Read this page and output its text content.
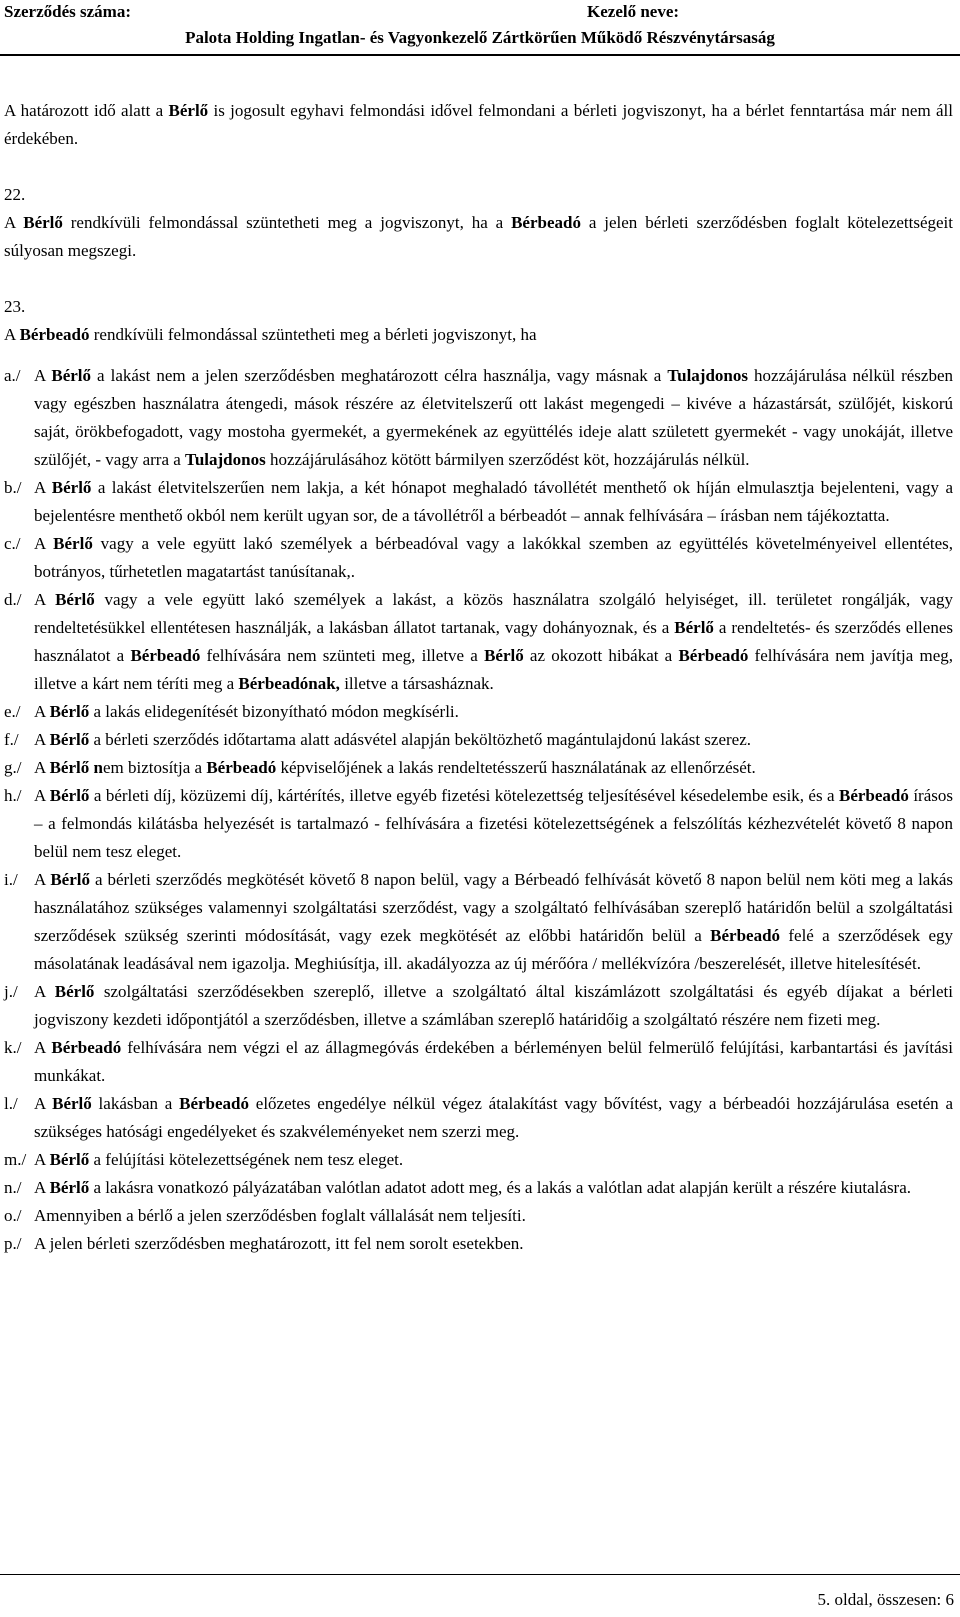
Szerződés száma:	Kezelő neve:
Palota Holding Ingatlan- és Vagyonkezelő Zártkörűen Működő Részvénytársaság

A határozott idő alatt a Bérlő is jogosult egyhavi felmondási idővel felmondani a bérleti jogviszonyt, ha a bérlet fenntartása már nem áll érdekében.

22.

A Bérlő rendkívüli felmondással szüntetheti meg a jogviszonyt, ha a Bérbeadó a jelen bérleti szerződésben foglalt kötelezettségeit súlyosan megszegi.

23.

A Bérbeadó rendkívüli felmondással szüntetheti meg a bérleti jogviszonyt, ha

a./ A Bérlő a lakást nem a jelen szerződésben meghatározott célra használja, vagy másnak a Tulajdonos hozzájárulása nélkül részben vagy egészben használatra átengedi, mások részére az életvitelszerű ott lakást megengedi – kivéve a házastársát, szülőjét, kiskorú saját, örökbefogadott, vagy mostoha gyermekét, a gyermekének az együttélés ideje alatt született gyermekét - vagy unokáját, illetve szülőjét, - vagy arra a Tulajdonos hozzájárulásához kötött bármilyen szerződést köt, hozzájárulás nélkül.
b./ A Bérlő a lakást életvitelszerűen nem lakja, a két hónapot meghaladó távollétét menthető ok híján elmulasztja bejelenteni, vagy a bejelentésre menthető okból nem került ugyan sor, de a távollétről a bérbeadót – annak felhívására – írásban nem tájékoztatta.
c./ A Bérlő vagy a vele együtt lakó személyek a bérbeadóval vagy a lakókkal szemben az együttélés követelményeivel ellentétes, botrányos, tűrhetetlen magatartást tanúsítanak,.
d./ A Bérlő vagy a vele együtt lakó személyek a lakást, a közös használatra szolgáló helyiséget, ill. területet rongálják, vagy rendeltetésükkel ellentétesen használják, a lakásban állatot tartanak, vagy dohányoznak, és a Bérlő a rendeltetés- és szerződés ellenes használatot a Bérbeadó felhívására nem szünteti meg, illetve a Bérlő az okozott hibákat a Bérbeadó felhívására nem javítja meg, illetve a kárt nem téríti meg a Bérbeadónak, illetve a társasháznak.
e./ A Bérlő a lakás elidegenítését bizonyítható módon megkísérli.
f./ A Bérlő a bérleti szerződés időtartama alatt adásvétel alapján beköltözhető magántulajdonú lakást szerez.
g./ A Bérlő nem biztosítja a Bérbeadó képviselőjének a lakás rendeltetésszerű használatának az ellenőrzését.
h./ A Bérlő a bérleti díj, közüzemi díj, kártérítés, illetve egyéb fizetési kötelezettség teljesítésével késedelembe esik, és a Bérbeadó írásos – a felmondás kilátásba helyezését is tartalmazó - felhívására a fizetési kötelezettségének a felszólítás kézhezvételét követő 8 napon belül nem tesz eleget.
i./ A Bérlő a bérleti szerződés megkötését követő 8 napon belül, vagy a Bérbeadó felhívását követő 8 napon belül nem köti meg a lakás használatához szükséges valamennyi szolgáltatási szerződést, vagy a szolgáltató felhívásában szereplő határidőn belül a szolgáltatási szerződések szükség szerinti módosítását, vagy ezek megkötését az előbbi határidőn belül a Bérbeadó felé a szerződések egy másolatának leadásával nem igazolja. Meghiúsítja, ill. akadályozza az új mérőóra / mellékvízóra /beszerelését, illetve hitelesítését.
j./ A Bérlő szolgáltatási szerződésekben szereplő, illetve a szolgáltató által kiszámlázott szolgáltatási és egyéb díjakat a bérleti jogviszony kezdeti időpontjától a szerződésben, illetve a számlában szereplő határidőig a szolgáltató részére nem fizeti meg.
k./ A Bérbeadó felhívására nem végzi el az állagmegóvás érdekében a bérleményen belül felmerülő felújítási, karbantartási és javítási munkákat.
l./ A Bérlő lakásban a Bérbeadó előzetes engedélye nélkül végez átalakítást vagy bővítést, vagy a bérbeadói hozzájárulása esetén a szükséges hatósági engedélyeket és szakvéleményeket nem szerzi meg.
m./ A Bérlő a felújítási kötelezettségének nem tesz eleget.
n./ A Bérlő a lakásra vonatkozó pályázatában valótlan adatot adott meg, és a lakás a valótlan adat alapján került a részére kiutalásra.
o./ Amennyiben a bérlő a jelen szerződésben foglalt vállalását nem teljesíti.
p./ A jelen bérleti szerződésben meghatározott, itt fel nem sorolt esetekben.
5. oldal, összesen: 6
